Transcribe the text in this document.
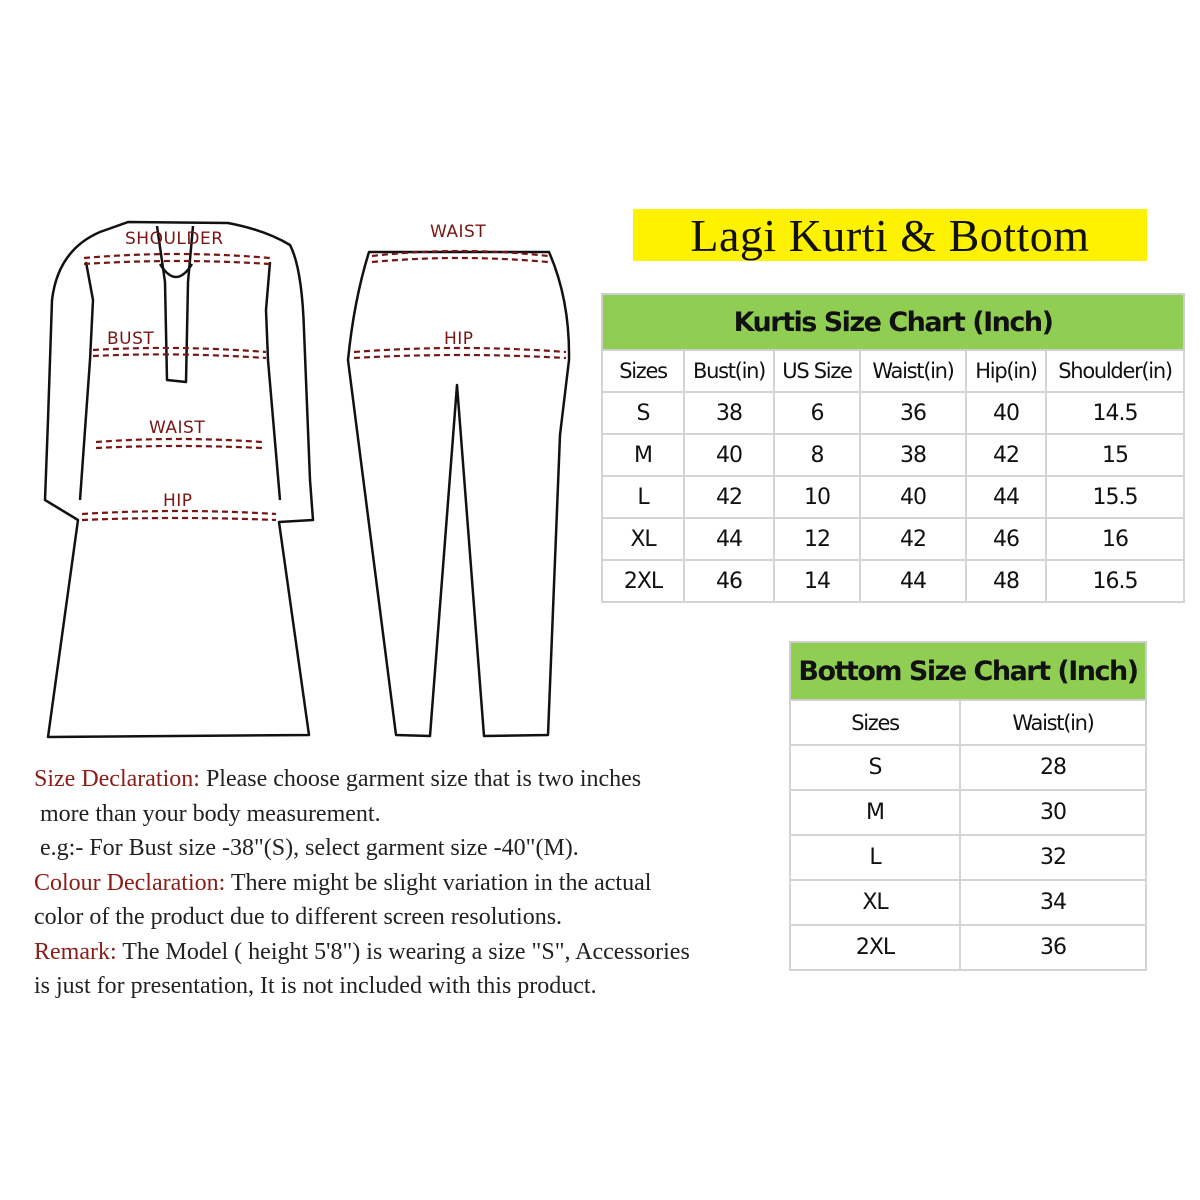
SHOULDER
BUST
WAIST
HIP
WAIST
HIP
Lagi Kurti & Bottom
Kurtis Size Chart (Inch)					
Sizes	Bust(in)	US Size	Waist(in)	Hip(in)	Shoulder(in)
S	38	6	36	40	14.5
M	40	8	38	42	15
L	42	10	40	44	15.5
XL	44	12	42	46	16
2XL	46	14	44	48	16.5
Bottom Size Chart (Inch)	
Sizes	Waist(in)
S	28
M	30
L	32
XL	34
2XL	36

Size Declaration: Please choose garment size that is two inches

more than your body measurement.

e.g:- For Bust size -38"(S), select garment size -40"(M).

Colour Declaration: There might be slight variation in the actual

color of the product due to different screen resolutions.

Remark: The Model ( height 5'8") is wearing a size "S", Accessories

is just for presentation, It is not included with this product.
